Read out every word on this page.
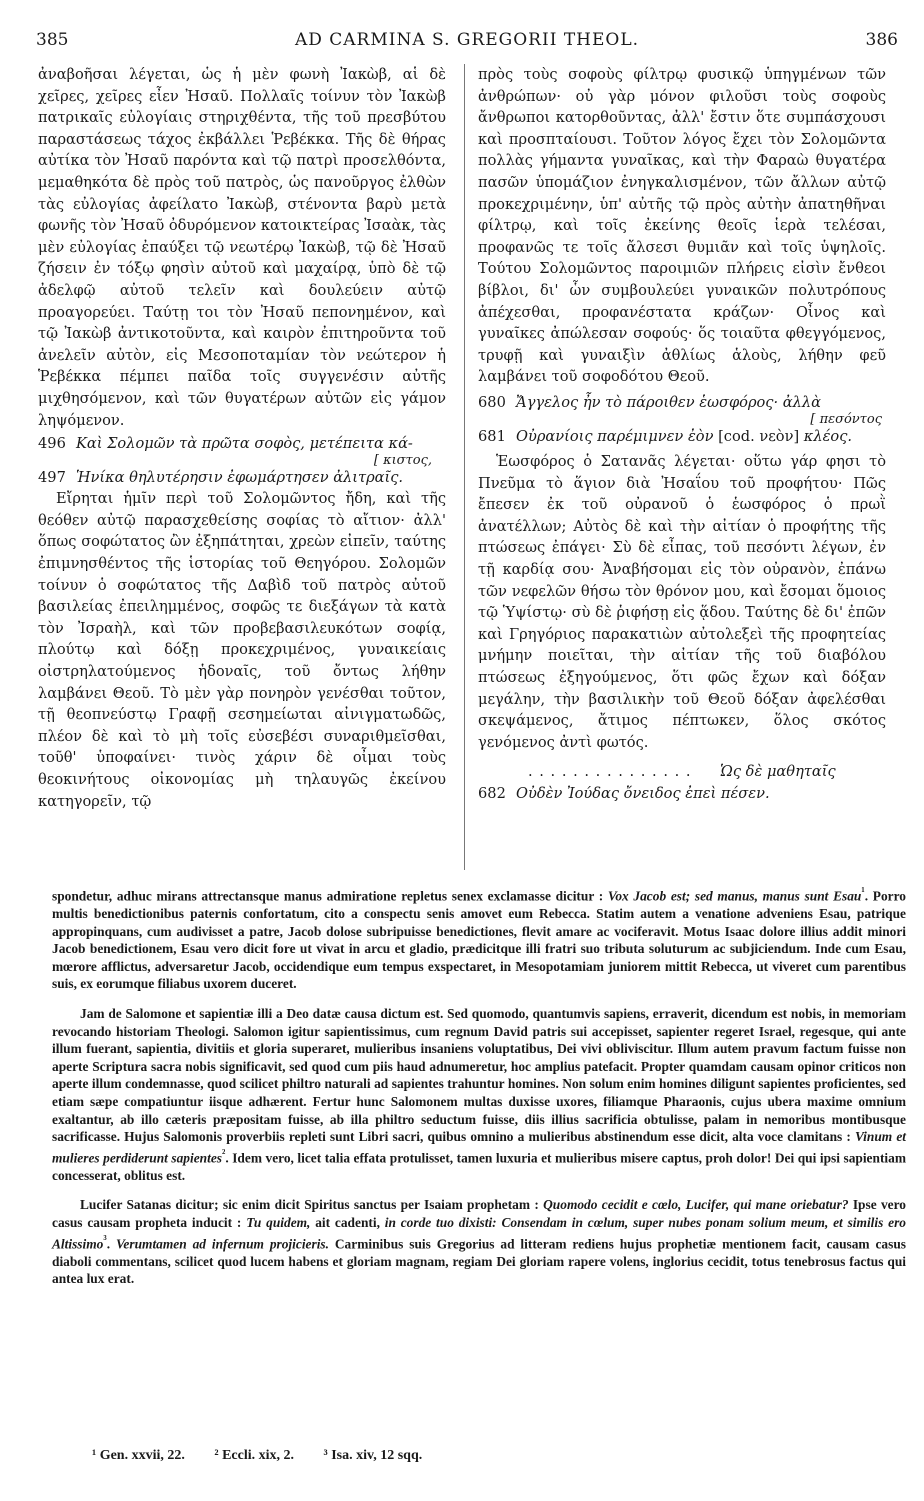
385	AD CARMINA S. GREGORII THEOL.	386

ἀναβοῆσαι λέγεται, ὡς ἡ μὲν φωνὴ Ἰακὼβ, αἱ δὲ χεῖρες, χεῖρες εἶεν Ἠσαῦ. Πολλαῖς τοίνυν τὸν Ἰακὼβ πατρικαῖς εὐλογίαις στηριχθέντα, τῆς τοῦ πρεσβύτου παραστάσεως τάχος ἐκβάλλει Ῥεβέκκα. Τῆς δὲ θήρας αὐτίκα τὸν Ἠσαῦ παρόντα καὶ τῷ πατρὶ προσελθόντα, μεμαθηκότα δὲ πρὸς τοῦ πατρὸς, ὡς πανοῦργος ἐλθὼν τὰς εὐλογίας ἀφείλατο Ἰακὼβ, στένοντα βαρὺ μετὰ φωνῆς τὸν Ἠσαῦ ὀδυρόμενον κατοικτείρας Ἰσαὰκ, τὰς μὲν εὐλογίας ἐπαύξει τῷ νεωτέρῳ Ἰακὼβ, τῷ δὲ Ἠσαῦ ζήσειν ἐν τόξῳ φησὶν αὐτοῦ καὶ μαχαίρᾳ, ὑπὸ δὲ τῷ ἀδελφῷ αὐτοῦ τελεῖν καὶ δουλεύειν αὐτῷ προαγορεύει. Ταύτῃ τοι τὸν Ἠσαῦ πεπονημένον, καὶ τῷ Ἰακὼβ ἀντικοτοῦντα, καὶ καιρὸν ἐπιτηροῦντα τοῦ ἀνελεῖν αὐτὸν, εἰς Μεσοποταμίαν τὸν νεώτερον ἡ Ῥεβέκκα πέμπει παῖδα τοῖς συγγενέσιν αὐτῆς μιχθησόμενον, καὶ τῶν θυγατέρων αὐτῶν εἰς γάμον ληψόμενον.

496 Καὶ Σολομῶν τὰ πρῶτα σοφὸς, μετέπειτα κά-

[ κιστος,

497 Ἡνίκα θηλυτέρησιν ἐφωμάρτησεν ἀλιτραῖς.

Εἴρηται ἡμῖν περὶ τοῦ Σολομῶντος ἤδη, καὶ τῆς θεόθεν αὐτῷ παρασχεθείσης σοφίας τὸ αἴτιον· ἀλλ' ὅπως σοφώτατος ὢν ἐξηπάτηται, χρεὼν εἰπεῖν, ταύτης ἐπιμνησθέντος τῆς ἱστορίας τοῦ Θεηγόρου. Σολομῶν τοίνυν ὁ σοφώτατος τῆς Δαβὶδ τοῦ πατρὸς αὐτοῦ βασιλείας ἐπειλημμένος, σοφῶς τε διεξάγων τὰ κατὰ τὸν Ἰσραὴλ, καὶ τῶν προβεβασιλευκότων σοφίᾳ, πλούτῳ καὶ δόξῃ προκεχριμένος, γυναικείαις οἰστρηλατούμενος ἡδοναῖς, τοῦ ὄντως λήθην λαμβάνει Θεοῦ. Τὸ μὲν γὰρ πονηρὸν γενέσθαι τοῦτον, τῇ θεοπνεύστῳ Γραφῇ σεσημείωται αἰνιγματωδῶς, πλέον δὲ καὶ τὸ μὴ τοῖς εὐσεβέσι συναριθμεῖσθαι, τοῦθ' ὑποφαίνει· τινὸς χάριν δὲ οἶμαι τοὺς θεοκινήτους οἰκονομίας μὴ τηλαυγῶς ἐκείνου κατηγορεῖν, τῷ

πρὸς τοὺς σοφοὺς φίλτρῳ φυσικῷ ὑπηγμένων τῶν ἀνθρώπων· οὐ γὰρ μόνον φιλοῦσι τοὺς σοφοὺς ἄνθρωποι κατορθοῦντας, ἀλλ' ἔστιν ὅτε συμπάσχουσι καὶ προσπταίουσι. Τοῦτον λόγος ἔχει τὸν Σολομῶντα πολλὰς γήμαντα γυναῖκας, καὶ τὴν Φαραὼ θυγατέρα πασῶν ὑπομάζιον ἐνηγκαλισμένον, τῶν ἄλλων αὐτῷ προκεχριμένην, ὑπ' αὐτῆς τῷ πρὸς αὐτὴν ἀπατηθῆναι φίλτρῳ, καὶ τοῖς ἐκείνης θεοῖς ἱερὰ τελέσαι, προφανῶς τε τοῖς ἄλσεσι θυμιᾶν καὶ τοῖς ὑψηλοῖς. Τούτου Σολομῶντος παροιμιῶν πλήρεις εἰσὶν ἔνθεοι βίβλοι, δι' ὧν συμβουλεύει γυναικῶν πολυτρόπους ἀπέχεσθαι, προφανέστατα κράζων· Οἶνος καὶ γυναῖκες ἀπώλεσαν σοφούς· ὅς τοιαῦτα φθεγγόμενος, τρυφῇ καὶ γυναιξὶν ἀθλίως ἁλοὺς, λήθην φεῦ λαμβάνει τοῦ σοφοδότου Θεοῦ.

680 Ἄγγελος ἦν τὸ πάροιθεν ἑωσφόρος· ἀλλὰ

[ πεσόντος

681 Οὐρανίοις παρέμιμνεν ἐὸν [cod. νεὸν] κλέος.

Ἑωσφόρος ὁ Σατανᾶς λέγεται· οὕτω γάρ φησι τὸ Πνεῦμα τὸ ἅγιον διὰ Ἠσαΐου τοῦ προφήτου· Πῶς ἔπεσεν ἐκ τοῦ οὐρανοῦ ὁ ἑωσφόρος ὁ πρωῒ ἀνατέλλων; Αὐτὸς δὲ καὶ τὴν αἰτίαν ὁ προφήτης τῆς πτώσεως ἐπάγει· Σὺ δὲ εἶπας, τοῦ πεσόντι λέγων, ἐν τῇ καρδίᾳ σου· Ἀναβήσομαι εἰς τὸν οὐρανὸν, ἐπάνω τῶν νεφελῶν θήσω τὸν θρόνον μου, καὶ ἔσομαι ὅμοιος τῷ Ὑψίστῳ· σὺ δὲ ῥιφήσῃ εἰς ᾅδου. Ταύτης δὲ δι' ἐπῶν καὶ Γρηγόριος παρακατιὼν αὐτολεξεὶ τῆς προφητείας μνήμην ποιεῖται, τὴν αἰτίαν τῆς τοῦ διαβόλου πτώσεως ἐξηγούμενος, ὅτι φῶς ἔχων καὶ δόξαν μεγάλην, τὴν βασιλικὴν τοῦ Θεοῦ δόξαν ἀφελέσθαι σκεψάμενος, ἄτιμος πέπτωκεν, ὅλος σκότος γενόμενος ἀντὶ φωτός.

. . . . . . . . . . . . . . . Ὡς δὲ μαθηταῖς

682 Οὐδὲν Ἰούδας ὄνειδος ἐπεὶ πέσεν.

spondetur, adhuc mirans attrectansque manus admiratione repletus senex exclamasse dicitur : Vox Jacob est; sed manus, manus sunt Esau$^{^1}$. Porro multis benedictionibus paternis confortatum, cito a conspectu senis amovet eum Rebecca. Statim autem a venatione adveniens Esau, patrique appropinquans, cum audivisset a patre, Jacob dolose subripuisse benedictiones, flevit amare ac vociferavit. Motus Isaac dolore illius addit minori Jacob benedictionem, Esau vero dicit fore ut vivat in arcu et gladio, prædicitque illi fratri suo tributa soluturum ac subjiciendum. Inde cum Esau, mœrore afflictus, adversaretur Jacob, occidendique eum tempus exspectaret, in Mesopotamiam juniorem mittit Rebecca, ut viveret cum parentibus suis, ex eorumque filiabus uxorem duceret.

Jam de Salomone et sapientiæ illi a Deo datæ causa dictum est. Sed quomodo, quantumvis sapiens, erraverit, dicendum est nobis, in memoriam revocando historiam Theologi. Salomon igitur sapientissimus, cum regnum David patris sui accepisset, sapienter regeret Israel, regesque, qui ante illum fuerant, sapientia, divitiis et gloria superaret, mulieribus insaniens voluptatibus, Dei vivi obliviscitur. Illum autem pravum factum fuisse non aperte Scriptura sacra nobis significavit, sed quod cum piis haud adnumeretur, hoc amplius patefacit. Propter quamdam causam opinor criticos non aperte illum condemnasse, quod scilicet philtro naturali ad sapientes trahuntur homines. Non solum enim homines diligunt sapientes proficientes, sed etiam sæpe compatiuntur iisque adhærent. Fertur hunc Salomonem multas duxisse uxores, filiamque Pharaonis, cujus ubera maxime omnium exaltantur, ab illo cæteris præpositam fuisse, ab illa philtro seductum fuisse, diis illius sacrificia obtulisse, palam in nemoribus montibusque sacrificasse. Hujus Salomonis proverbiis repleti sunt Libri sacri, quibus omnino a mulieribus abstinendum esse dicit, alta voce clamitans : Vinum et mulieres perdiderunt sapientes$^{^2}$. Idem vero, licet talia effata protulisset, tamen luxuria et mulieribus misere captus, proh dolor! Dei qui ipsi sapientiam concesserat, oblitus est.

Lucifer Satanas dicitur; sic enim dicit Spiritus sanctus per Isaiam prophetam : Quomodo cecidit e cœlo, Lucifer, qui mane oriebatur? Ipse vero casus causam propheta inducit : Tu quidem, ait cadenti, in corde tuo dixisti: Consendam in cœlum, super nubes ponam solium meum, et similis ero Altissimo$^{^3}$. Verumtamen ad infernum projicieris. Carminibus suis Gregorius ad litteram rediens hujus prophetiæ mentionem facit, causam casus diaboli commentans, scilicet quod lucem habens et gloriam magnam, regiam Dei gloriam rapere volens, inglorius cecidit, totus tenebrosus factus qui antea lux erat.

¹ Gen. xxvii, 22. ² Eccli. xix, 2. ³ Isa. xiv, 12 sqq.
